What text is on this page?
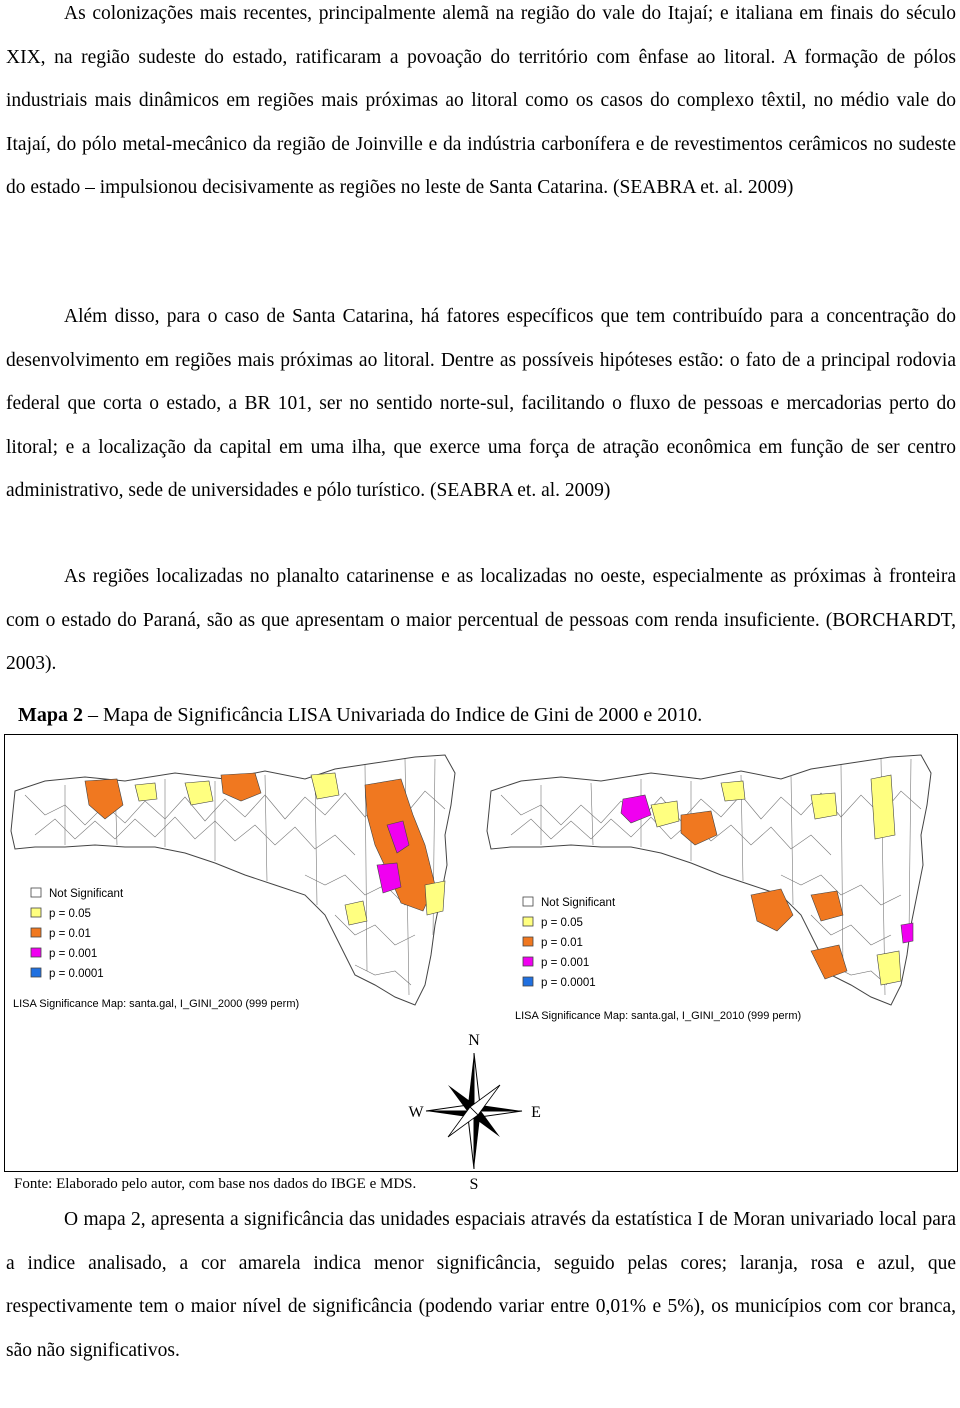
As colonizações mais recentes, principalmente alemã na região do vale do Itajaí; e italiana em finais do século XIX, na região sudeste do estado, ratificaram a povoação do território com ênfase ao litoral. A formação de pólos industriais mais dinâmicos em regiões mais próximas ao litoral como os casos do complexo têxtil, no médio vale do Itajaí, do pólo metal-mecânico da região de Joinville e da indústria carbonífera e de revestimentos cerâmicos no sudeste do estado – impulsionou decisivamente as regiões no leste de Santa Catarina. (SEABRA et. al. 2009)

Além disso, para o caso de Santa Catarina, há fatores específicos que tem contribuído para a concentração do desenvolvimento em regiões mais próximas ao litoral. Dentre as possíveis hipóteses estão: o fato de a principal rodovia federal que corta o estado, a BR 101, ser no sentido norte-sul, facilitando o fluxo de pessoas e mercadorias perto do litoral; e a localização da capital em uma ilha, que exerce uma força de atração econômica em função de ser centro administrativo, sede de universidades e pólo turístico. (SEABRA et. al. 2009)

As regiões localizadas no planalto catarinense e as localizadas no oeste, especialmente as próximas à fronteira com o estado do Paraná, são as que apresentam o maior percentual de pessoas com renda insuficiente. (BORCHARDT, 2003).

Mapa 2 – Mapa de Significância LISA Univariada do Indice de Gini de 2000 e 2010.

Not Significant
p = 0.05
p = 0.01
p = 0.001
p = 0.0001
LISA Significance Map: santa.gal, I_GINI_2000 (999 perm)
Not Significant
p = 0.05
p = 0.01
p = 0.001
p = 0.0001
LISA Significance Map: santa.gal, I_GINI_2010 (999 perm)
N
S
W	E

Fonte: Elaborado pelo autor, com base nos dados do IBGE e MDS.

O mapa 2, apresenta a significância das unidades espaciais através da estatística I de Moran univariado local para a indice analisado, a cor amarela indica menor significância, seguido pelas cores; laranja, rosa e azul, que respectivamente tem o maior nível de significância (podendo variar entre 0,01% e 5%), os municípios com cor branca, são não significativos.
